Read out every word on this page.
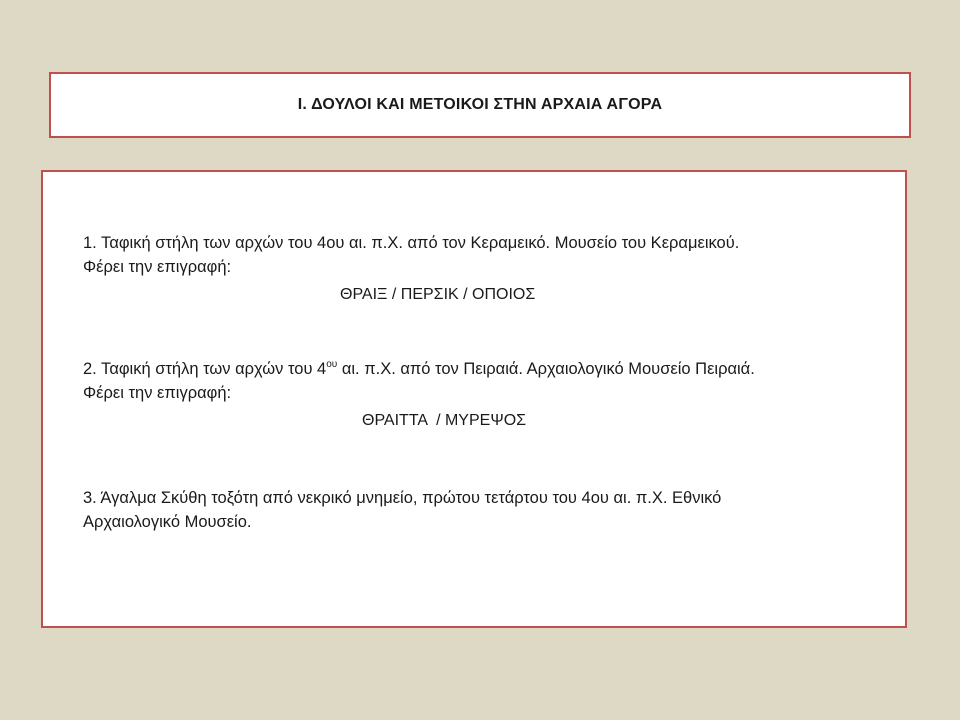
Ι. ΔΟΥΛΟΙ ΚΑΙ ΜΕΤΟΙΚΟΙ ΣΤΗΝ ΑΡΧΑΙΑ ΑΓΟΡΑ

1. Ταφική στήλη των αρχών του 4ου αι. π.Χ. από τον Κεραμεικό. Μουσείο του Κεραμεικού.

Φέρει την επιγραφή:

ΘΡΑΙΞ / ΠΕΡΣΙΚ / ΟΠΟΙΟΣ

2. Ταφική στήλη των αρχών του $4^{o\upsilon}$ αι. π.Χ. από τον Πειραιά. Αρχαιολογικό Μουσείο Πειραιά.

Φέρει την επιγραφή:

ΘΡΑΙΤΤΑ  / ΜΥΡΕΨΟΣ

3. Άγαλμα Σκύθη τοξότη από νεκρικό μνημείο, πρώτου τετάρτου του 4ου αι. π.Χ. Εθνικό

Αρχαιολογικό Μουσείο.
